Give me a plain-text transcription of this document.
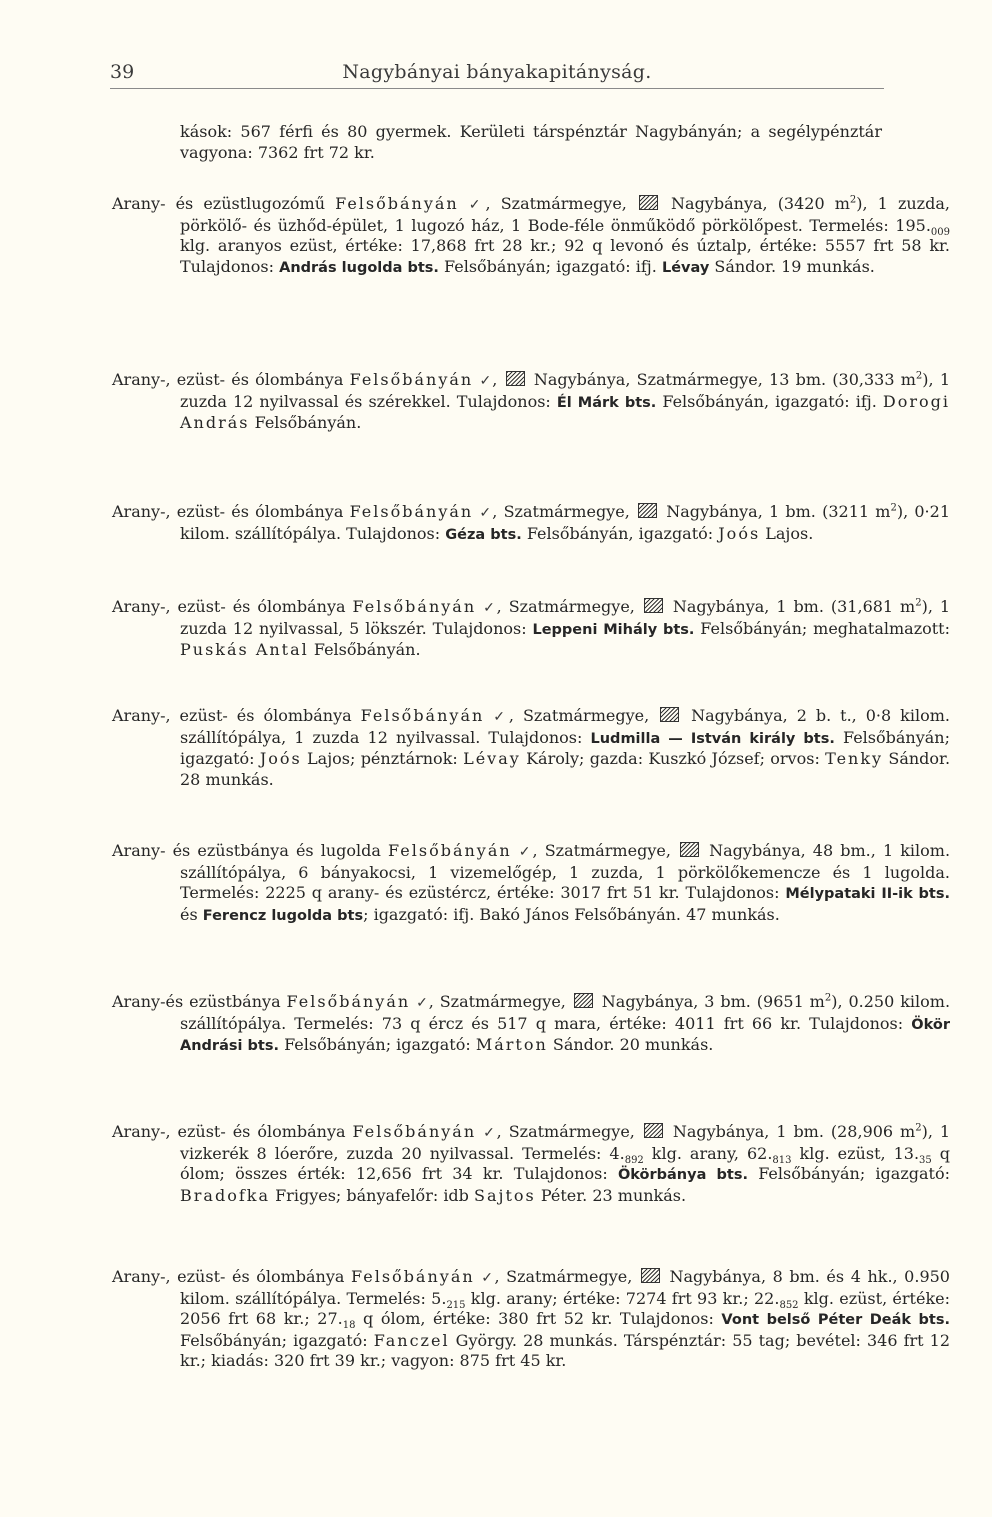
39	Nagybányai bányakapitányság.

kások: 567 férfi és 80 gyermek. Kerületi társpénztár Nagybányán; a segélypénztár vagyona: 7362 frt 72 kr.

Arany- és ezüstlugozómű Felsőbányán ✓, Szatmármegye,	Nagybánya, (3420 $m^2$), 1 zuzda, pörkölő- és üzhőd-épület, 1 lugozó ház, 1 Bode-féle önműködő pörkölőpest. Termelés: $195._{009}$ klg. aranyos ezüst, értéke: 17,868 frt 28 kr.; 92 q levonó és úztalp, értéke: 5557 frt 58 kr. Tulajdonos: András lugolda bts. Felsőbányán; igazgató: ifj. Lévay Sándor. 19 munkás.

Arany-, ezüst- és ólombánya Felsőbányán ✓, Nagybánya, Szatmármegye, 13 bm. (30,333 $m^2$), 1 zuzda 12 nyilvassal és szérekkel. Tulajdonos: Él Márk bts. Felsőbányán, igazgató: ifj. Dorogi András Felsőbányán.

Arany-, ezüst- és ólombánya Felsőbányán ✓, Szatmármegye, Nagybánya, 1 bm. (3211 $m^2$), 0·21 kilom. szállítópálya. Tulajdonos: Géza bts. Felsőbányán, igazgató: Joós Lajos.

Arany-, ezüst- és ólombánya Felsőbányán ✓, Szatmármegye, Nagybánya, 1 bm. (31,681 $m^2$), 1 zuzda 12 nyilvassal, 5 lökszér. Tulajdonos: Leppeni Mihály bts. Felsőbányán; meghatalmazott: Puskás Antal Felsőbányán.

Arany-, ezüst- és ólombánya Felsőbányán ✓, Szatmármegye,	Nagybánya, 2 b. t., 0·8 kilom. szállítópálya, 1 zuzda 12 nyilvassal. Tulajdonos: Ludmilla — István király bts. Felsőbányán; igazgató: Joós Lajos; pénztárnok: Lévay Károly; gazda: Kuszkó József; orvos: Tenky Sándor. 28 munkás.

Arany- és ezüstbánya és lugolda Felsőbányán ✓, Szatmármegye, Nagybánya, 48 bm., 1 kilom. szállítópálya, 6 bányakocsi, 1 vizemelőgép, 1 zuzda, 1 pörkölőkemencze és 1 lugolda. Termelés: 2225 q arany- és ezüstércz, értéke: 3017 frt 51 kr. Tulajdonos: Mélypataki II-ik bts. és Ferencz lugolda bts; igazgató: ifj. Bakó János Felsőbányán. 47 munkás.

Arany-és ezüstbánya Felsőbányán ✓, Szatmármegye, Nagybánya, 3 bm. (9651 $m^2$), 0.250 kilom. szállítópálya. Termelés: 73 q ércz és 517 q mara, értéke: 4011 frt 66 kr. Tulajdonos: Ökör Andrási bts. Felsőbányán; igazgató: Márton Sándor. 20 munkás.

Arany-, ezüst- és ólombánya Felsőbányán ✓, Szatmármegye, Nagybánya, 1 bm. (28,906 $m^2$), 1 vizkerék 8 lóerőre, zuzda 20 nyilvassal. Termelés: $4._{892}$ klg. arany, $62._{813}$ klg. ezüst, $13._{35}$ q ólom; összes érték: 12,656 frt 34 kr. Tulajdonos: Ökörbánya bts. Felsőbányán; igazgató: Bradofka Frigyes; bányafelőr: idb Sajtos Péter. 23 munkás.

Arany-, ezüst- és ólombánya Felsőbányán ✓, Szatmármegye, Nagybánya, 8 bm. és 4 hk., 0.950 kilom. szállítópálya. Termelés: $5._{215}$ klg. arany; értéke: 7274 frt 93 kr.; $22._{852}$ klg. ezüst, értéke: 2056 frt 68 kr.; $27._{18}$ q ólom, értéke: 380 frt 52 kr. Tulajdonos: Vont belső Péter Deák bts. Felsőbányán; igazgató: Fanczel György. 28 munkás. Társpénztár: 55 tag; bevétel: 346 frt 12 kr.; kiadás: 320 frt 39 kr.; vagyon: 875 frt 45 kr.
